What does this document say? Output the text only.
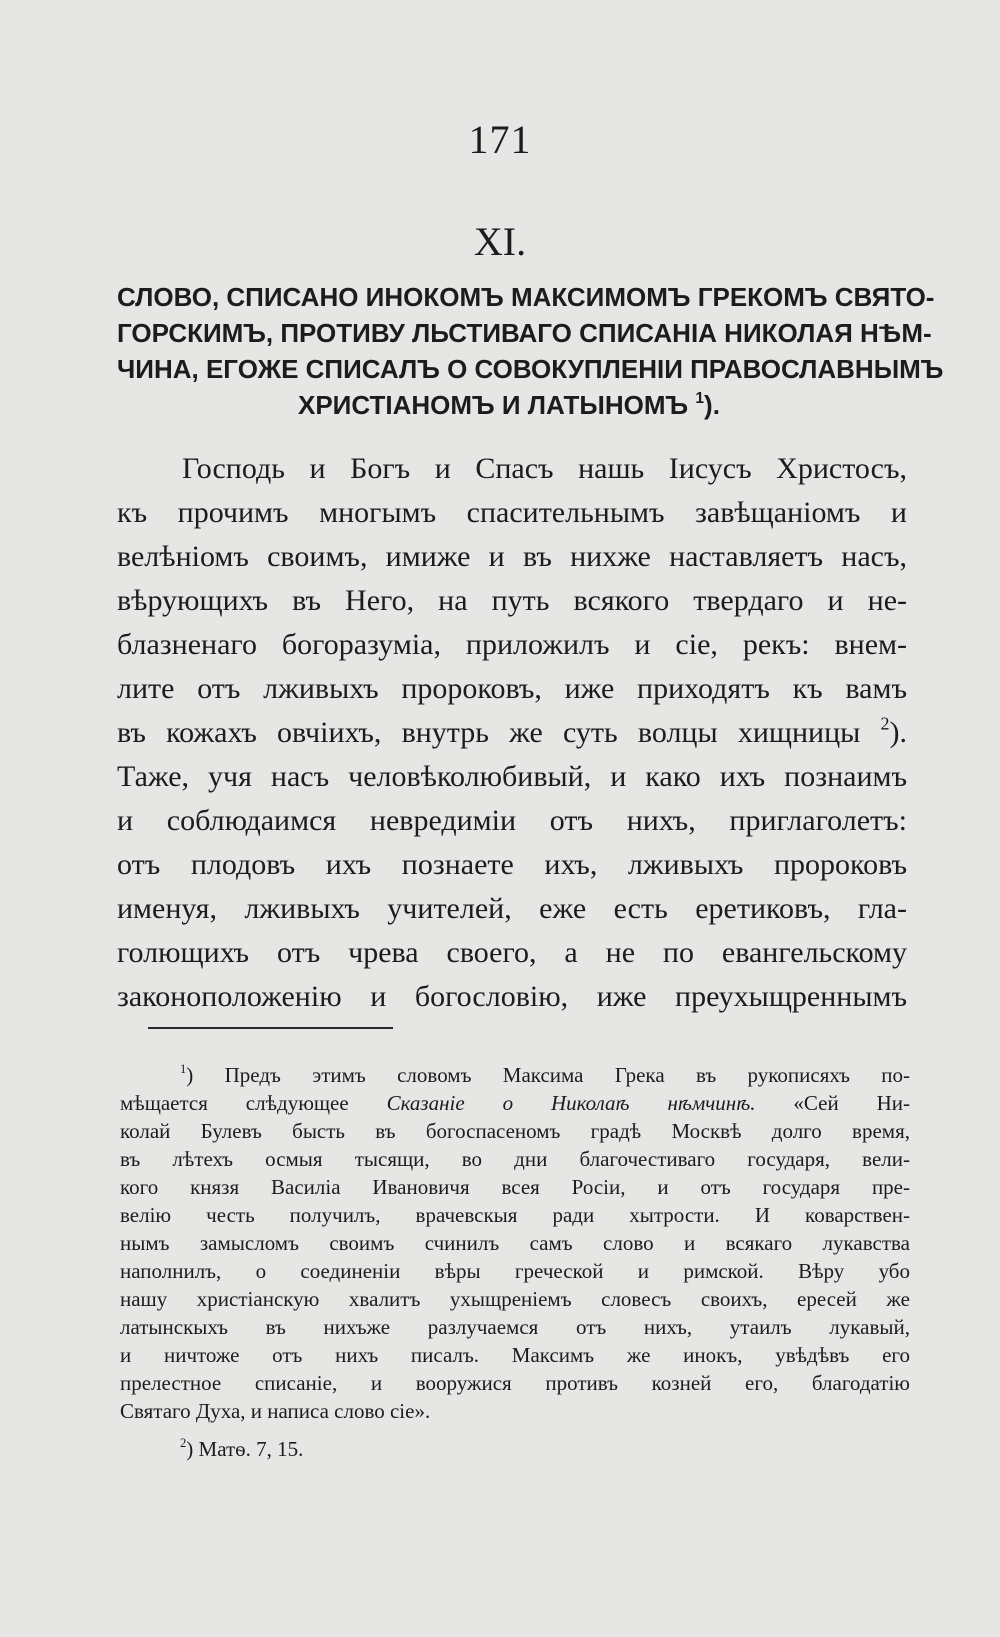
171
XI.
СЛОВО, СПИСАНО ИНОКОМЪ МАКСИМОМЪ ГРЕКОМЪ СВЯТО-
ГОРСКИМЪ, ПРОТИВУ ЛЬСТИВАГО СПИСАНІА НИКОЛАЯ НѢМ-
ЧИНА, ЕГОЖЕ СПИСАЛЪ О СОВОКУПЛЕНІИ ПРАВОСЛАВНЫМЪ
ХРИСТІАНОМЪ И ЛАТЫНОМЪ $^1$).
Господь и Богъ и Спасъ нашь Іисусъ Христосъ,
къ прочимъ многымъ спасительнымъ завѣщаніомъ и
велѣніомъ своимъ, имиже и въ нихже наставляетъ насъ,
вѣрующихъ въ Него, на путь всякого твердаго и не-
блазненаго богоразуміа, приложилъ и сіе, рекъ: внем-
лите отъ лживыхъ пророковъ, иже приходятъ къ вамъ
въ кожахъ овчіихъ, внутрь же суть волцы хищницы $^2$).
Таже, учя насъ человѣколюбивый, и како ихъ познаимъ
и соблюдаимся невредимiи отъ нихъ, приглаголетъ:
отъ плодовъ ихъ познаете ихъ, лживыхъ пророковъ
именуя, лживыхъ учителей, еже есть еретиковъ, гла-
голющихъ отъ чрева своего, а не по евангельскому
законоположенію и богословію, иже преухыщреннымъ
$^1$) Предъ этимъ словомъ Максима Грека въ рукописяхъ по-
мѣщается слѣдующее Сказаніе о Николаѣ нѣмчинѣ. «Сей Ни-
колай Булевъ бысть въ богоспасеномъ градѣ Москвѣ долго время,
въ лѣтехъ осмыя тысящи, во дни благочестиваго государя, вели-
кого князя Василіа Ивановичя всея Росіи, и отъ государя пре-
велію честь получилъ, врачевскыя ради хытрости. И коварствен-
нымъ замысломъ своимъ счинилъ самъ слово и всякаго лукавства
наполнилъ, о соединеніи вѣры греческой и римской. Вѣру убо
нашу христіанскую хвалитъ ухыщреніемъ словесъ своихъ, ересей же
латынскыхъ въ нихъже разлучаемся отъ нихъ, утаилъ лукавый,
и ничтоже отъ нихъ писалъ. Максимъ же инокъ, увѣдѣвъ его
прелестное списаніе, и вооружися противъ козней его, благодатію
Святаго Духа, и написа слово сіе».
$^2$) Матѳ. 7, 15.
